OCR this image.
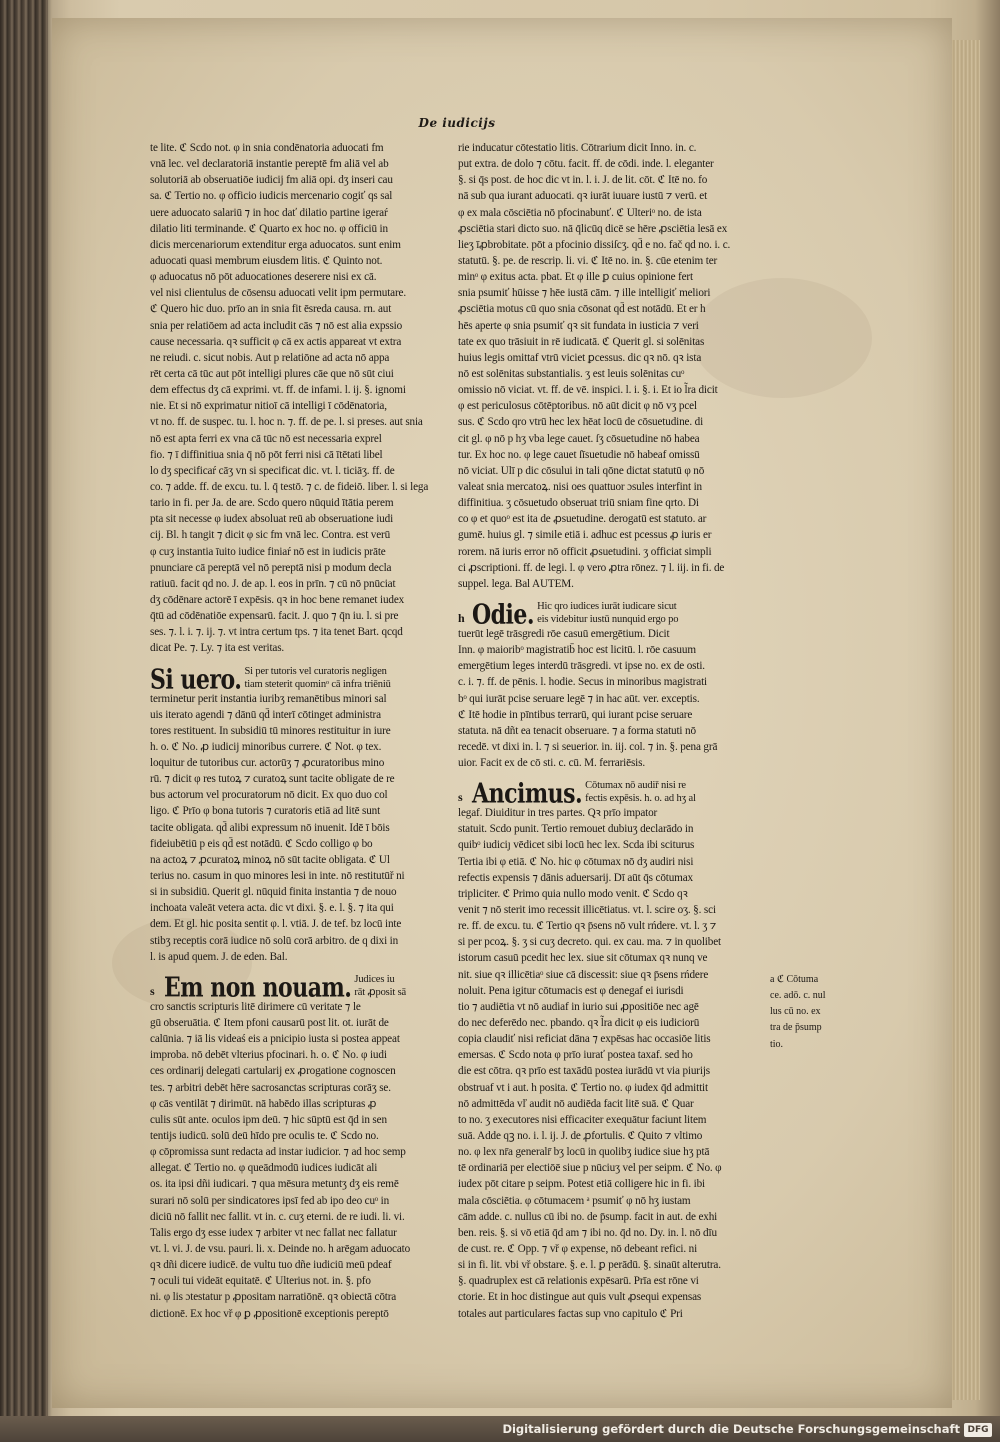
De iudicijs
te lite. ℭ Scdo not. φ in snia condēnatoria aduocati fm
vnā lec. vel declaratoriā instantie pereptē fm aliā vel ab
solutoriā ab obseruatiōe iudicij fm aliā opi. dʒ inseri cau
sa. ℭ Tertio no. φ officio iudicis mercenario cogiť qs sal
uere aduocato salariū ⁊ in hoc dať dilatio partine igeraŕ
dilatio liti terminande. ℭ Quarto ex hoc no. φ officiū in
dicis mercenariorum extenditur erga aduocatos. sunt enim
aduocati quasi membrum eiusdem litis. ℭ Quinto not.
φ aduocatus nō pōt aduocationes deserere nisi ex cā.
vel nisi clientulus de cōsensu aduocati velit ipm permutare.
ℭ Quero hic duo. prīo an in snia fit ēsreda causa. rn. aut
snia per relatiōem ad acta includit cās ⁊ nō est alia expssio
cause necessaria. qꝛ sufficit φ cā ex actis appareat vt extra
ne reiudi. c. sicut nobis. Aut p relatiōne ad acta nō appa
rēt certa cā tūc aut pōt intelligi plures cāe que nō sūt ciui
dem effectus dʒ cā exprimi. vt. ff. de infami. l. ij. §. ignomi
nie. Et si nō exprimatur nitioī cā intelligi ī cōdēnatoria,
vt no. ff. de suspec. tu. l. hoc n. ⁊. ff. de pe. l. si preses. aut snia
nō est apta ferri ex vna cā tūc nō est necessaria exprel
fio. ⁊ ī diffinitiua snia q̄ nō pōt ferri nisi cā ītētati libel
lo dʒ specificaŕ cāʒ vn si specificat dic. vt. l. ticiāʒ. ff. de
co. ⁊ adde. ff. de excu. tu. l. q̄ testō. ⁊ c. de fideiō. liber. l. si lega
tario in fi. per Ja. de are. Scdo quero nūquid ītātia perem
pta sit necesse φ iudex absoluat reū ab obseruatione iudi
cij. Bl. h tangit ⁊ dicit φ sic fm vnā lec. Contra. est verū
φ cuʒ instantia īuito iudice finiaŕ nō est in iudicis prāte
pnunciare cā pereptā vel nō pereptā nisi p modum decla
ratiuū. facit qd no. J. de ap. l. eos in prīn. ⁊ cū nō pnūciat
dʒ cōdēnare actorē ī expēsis. qꝛ in hoc bene remanet iudex
q̄tū ad cōdēnatiōe expensarū. facit. J. quo ⁊ q̄n iu. l. si pre
ses. ⁊. l. i. ⁊. ij. ⁊. vt intra certum tps. ⁊ ita tenet Bart. qcqd
dicat Pe. ⁊. Ly. ⁊ ita est veritas.
Si uero. Si per tutoris vel curatoris negligen
tiam steterit quominᵒ cā infra triēniū
terminetur perit instantia iuribʒ remanētibus minori sal
uis iterato agendi ⁊ dānū qd̄ interī cōtinget administra
tores restituent. In subsidiū tū minores restituitur in iure
h. o. ℭ No. ꝓ iudicij minoribus currere. ℭ Not. φ tex.
loquitur de tutoribus cur. actorūʒ ⁊ ꝓcuratoribus mino
rū. ⁊ dicit φ res tutoꝝ ⁊ curatoꝝ sunt tacite obligate de re
bus actorum vel procuratorum nō dicit. Ex quo duo col
ligo. ℭ Prīo φ bona tutoris ⁊ curatoris etiā ad litē sunt
tacite obligata. qd̄ alibi expressum nō inuenit. Idē ī bōis
fideiubētiū p eis qd̄ est notādū. ℭ Scdo colligo φ bo
na actoꝝ ⁊ ꝓcuratoꝝ minoꝝ nō sūt tacite obligata. ℭ Ul
terius no. casum in quo minores lesi in inte. nō restitutūř ni
si in subsidiū. Querit gl. nūquid finita instantia ⁊ de nouo
inchoata valeāt vetera acta. dic vt dixi. §. e. l. §. ⁊ ita qui
dem. Et gl. hic posita sentit φ. l. vtiā. J. de tef. bz locū inte
stibʒ receptis corā iudice nō solū corā arbitro. de q dixi in
l. is apud quem. J. de eden. Bal.
s Em non nouam. Judices iu
rāt ꝓposit sā
cro sanctis scripturis litē dirimere cū veritate ⁊ le
gū obseruātia. ℭ Item pfoni causarū post lit. ot. iurāt de
calūnia. ⁊ iā lis videaś eis a pnicipio iusta si postea appeat
improba. nō debēt vlterius pfocinari. h. o. ℭ No. φ iudi
ces ordinarij delegati cartularij ex ꝓrogatione cognoscen
tes. ⁊ arbitri debēt hēre sacrosanctas scripturas corāʒ se.
φ cās ventilāt ⁊ dirimūt. nā habēdo illas scripturas ꝓ
culis sūt ante. oculos ipm deū. ⁊ hic sūptū est q̄d in sen
tentijs iudicū. solū deū hīdo pre oculis te. ℭ Scdo no.
φ cōpromissa sunt redacta ad instar iudicior. ⁊ ad hoc semp
allegat. ℭ Tertio no. φ queādmodū iudices iudicāt ali
os. ita ipsi dñi iudicari. ⁊ qua mēsura metuntʒ dʒ eis remē
surari nō solū per sindicatores ipsī fed ab ipo deo cuᵒ in
diciū nō fallit nec fallit. vt in. c. cuʒ eterni. de re iudi. li. vi.
Talis ergo dʒ esse iudex ⁊ arbiter vt nec fallat nec fallatur
vt. l. vi. J. de vsu. pauri. li. x. Deinde no. h arēgam aduocato
qꝛ dñi dicere iudicē. de vultu tuo dñe iudiciū meū pdeaf
⁊ oculi tui videāt equitatē. ℭ Ulterius not. in. §. pfo
ni. φ lis ɔtestatur p ꝓpositam narratiōnē. qꝛ obiectā cōtra
dictionē. Ex hoc vř φ ꝑ ꝓpositionē exceptionis pereptō
rie inducatur cōtestatio litis. Cōtrarium dicit Inno. in. c.
put extra. de dolo ⁊ cōtu. facit. ff. de cōdi. inde. l. eleganter
§. si q̄s post. de hoc dic vt in. l. i. J. de lit. cōt. ℭ Itē no. fo
nā sub qua iurant aduocati. qꝛ iurāt iuuare iustū ⁊ verū. et
φ ex mala cōsciētia nō pfocinabunť. ℭ Ulteriᵒ no. de ista
ꝓsciētia stari dicto suo. nā q̄licūq dicē se hēre ꝓsciētia lesā ex
lieʒ īꝓbrobitate. pōt a pfocinio dissiſcʒ. qd̄ e no. fač qd no. i. c.
statutū. §. pe. de rescrip. li. vi. ℭ Itē no. in. §. cūe etenim ter
minᵒ φ exitus acta. pbat. Et φ ille ꝑ cuius opinione fert
snia psumiť hūisse ⁊ hēe iustā cām. ⁊ ille intelligiť meliori
ꝓsciētia motus cū quo snia cōsonat qd̄ est notādū. Et er h
hēs aperte φ snia psumiť qꝛ sit fundata in iusticia ⁊ veri
tate ex quo trāsiuit in rē iudicatā. ℭ Querit gl. si solēnitas
huius legis omittaf vtrū viciet ꝑcessus. dic qꝛ nō. qꝛ ista
nō est solēnitas substantialis. ʒ est leuis solēnitas cuᵒ
omissio nō viciat. vt. ff. de vē. inspici. l. i. §. i. Et io l̃ra dicit
φ est periculosus cōtēptoribus. nō aūt dicit φ nō vʒ pcel
sus. ℭ Scdo qro vtrū hec lex hēat locū de cōsuetudine. di
cit gl. φ nō p hʒ vba lege cauet. ſʒ cōsuetudine nō habea
tur. Ex hoc no. φ lege cauet ſīsuetudie nō habeaf omissū
nō viciat. Ulī p dic cōsului in tali qōne dictat statutū φ nō
valeat snia mercatoꝝ. nisi oes quattuor ɔsules interfint in
diffinitiua. ʒ cōsuetudo obseruat triū sniam fine qrto. Di
co φ et quoᵒ est ita de ꝓsuetudine. derogatū est statuto. ar
gumē. huius gl. ⁊ simile etiā i. adhuc est pcessus ꝓ iuris er
rorem. nā iuris error nō officit ꝓsuetudini. ʒ officiat simpli
ci ꝓscriptioni. ff. de legi. l. φ vero ꝓtra rōnez. ⁊ l. iij. in fi. de
suppel. lega. Bal AUTEM.
h Odie. Hic qro iudices iurāt iudicare sicut
eis videbitur iustū nunquid ergo po
tuerūt legē trāsgredi rōe casuū emergētium. Dicit
Inn. φ maioribᵒ magistratib̄ hoc est licitū. l. rōe casuum
emergētium leges interdū trāsgredi. vt ipse no. ex de osti.
c. i. ⁊. ff. de pēnis. l. hodie. Secus in minoribus magistrati
bᵒ qui iurāt pcise seruare legē ⁊ in hac aūt. ver. exceptis.
ℭ Itē hodie in pīntibus terrarū, qui iurant pcise seruare
statuta. nā dñt ea tenacit obseruare. ⁊ a forma statuti nō
recedē. vt dixi in. l. ⁊ si seuerior. in. iij. col. ⁊ in. §. pena grā
uior. Facit ex de cō sti. c. cū. M. ferrariēsis.
s Ancimus. Cōtumax nō audiř nisi re
fectis expēsis. h. o. ad hʒ al
legaf. Diuiditur in tres partes. Qꝛ prīo impator
statuit. Scdo punit. Tertio remouet dubiuʒ declarādo in
quibᵒ iudiciȷ vēdicet sibi locū hec lex. Scda ibi sciturus
Tertia ibi φ etiā. ℭ No. hic φ cōtumax nō dʒ audiri nisi
refectis expensis ⁊ dānis aduersarij. Dī aūt q̄s cōtumax
tripliciter. ℭ Primo quia nullo modo venit. ℭ Scdo qꝛ
venit ⁊ nō sterit imo recessit illicētiatus. vt. l. scire oʒ. §. sci
re. ff. de excu. tu. ℭ Tertio qꝛ p̄sens nō vult rńdere. vt. l. ʒ ⁊
si per pcoꝝ. §. ʒ si cuʒ decreto. qui. ex cau. ma. ⁊ in quolibet
istorum casuū pcedit hec lex. siue sit cōtumax qꝛ nunq ve
nit. siue qꝛ illicētiaᵒ siue cā discessit: siue qꝛ p̄sens rńdere
noluit. Pena igitur cōtumacis est φ denegaf ei iurisdi
tio ⁊ audiētia vt nō audiaf in iurio sui ꝓpositiōe nec agē
do nec deferēdo nec. pbando. qꝛ l̃ra dicit φ eis iudiciorū
copia claudiť nisi reficiat dāna ⁊ expēsas hac occasiōe litis
emersas. ℭ Scdo nota φ prīo iurať postea taxaf. sed ho
die est cōtra. qꝛ prīo est taxādū postea iurādū vt via piurijs
obstruaf vt i aut. h posita. ℭ Tertio no. φ iudex q̄d admittit
nō admittēda vľ audit nō audiēda facit litē suā. ℭ Quar
to no. ʒ executores nisi efficaciter exequātur faciunt litem
suā. Adde qꝫ no. i. l. ij. J. de ꝓfortulis. ℭ Quito ⁊ vltimo
no. φ lex nr̄a generalr̄ bʒ locū in quolibʒ iudice siue hʒ ptā
tē ordinariā per electiōē siue p nūciuʒ vel per seipm. ℭ No. φ
iudex pōt citare p seipm. Potest etiā colligere hic in fi. ibi
mala cōsciētia. φ cōtumacem ᵃ psumiť φ nō hʒ iustam
cām adde. c. nullus cū ibi no. de p̄sump. facit in aut. de exhi
ben. reis. §. si vō etiā q̄d am ⁊ ibi no. q̄d no. Dy. in. l. nō dīu
de cust. re. ℭ Opp. ⁊ vř φ expense, nō debeant refici. ni
si in fi. lit. vbi vř obstare. §. e. l. ꝑ perādū. §. sinaūt alterutra.
§. quadruplex est cā relationis expēsarū. Prīa est rōne vi
ctorie. Et in hoc distingue aut quis vult ꝓsequi expensas
totales aut particulares factas sup vno capitulo ℭ Pri
a ℭ Cōtuma
ce. adō. c. nul
lus cū no. ex
tra de p̄sump
tio.
Digitalisierung gefördert durch die Deutsche Forschungsgemeinschaft DFG
